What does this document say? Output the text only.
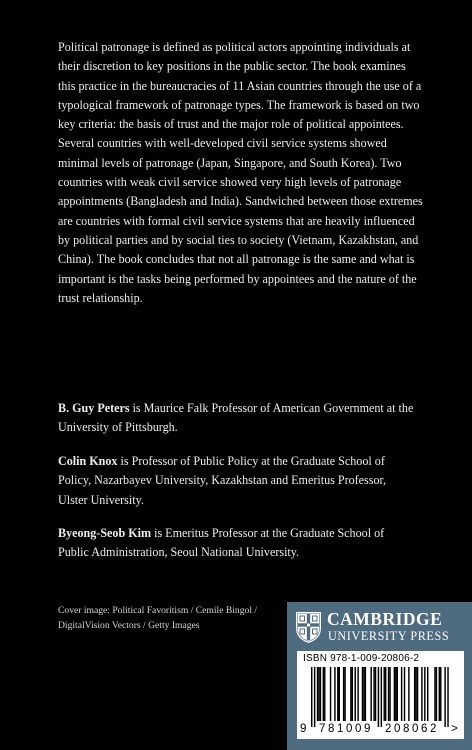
Political patronage is defined as political actors appointing individuals at their discretion to key positions in the public sector. The book examines this practice in the bureaucracies of 11 Asian countries through the use of a typological framework of patronage types. The framework is based on two key criteria: the basis of trust and the major role of political appointees. Several countries with well-developed civil service systems showed minimal levels of patronage (Japan, Singapore, and South Korea). Two countries with weak civil service showed very high levels of patronage appointments (Bangladesh and India). Sandwiched between those extremes are countries with formal civil service systems that are heavily influenced by political parties and by social ties to society (Vietnam, Kazakhstan, and China). The book concludes that not all patronage is the same and what is important is the tasks being performed by appointees and the nature of the trust relationship.

B. Guy Peters is Maurice Falk Professor of American Government at the University of Pittsburgh.

Colin Knox is Professor of Public Policy at the Graduate School of Policy, Nazarbayev University, Kazakhstan and Emeritus Professor, Ulster University.

Byeong-Seob Kim is Emeritus Professor at the Graduate School of Public Administration, Seoul National University.

Cover image: Political Favoritism / Cemile Bingol / DigitalVision Vectors / Getty Images	CAMBRIDGE
UNIVERSITY PRESS
ISBN 978-1-009-20806-2
9 781009 208062 >
